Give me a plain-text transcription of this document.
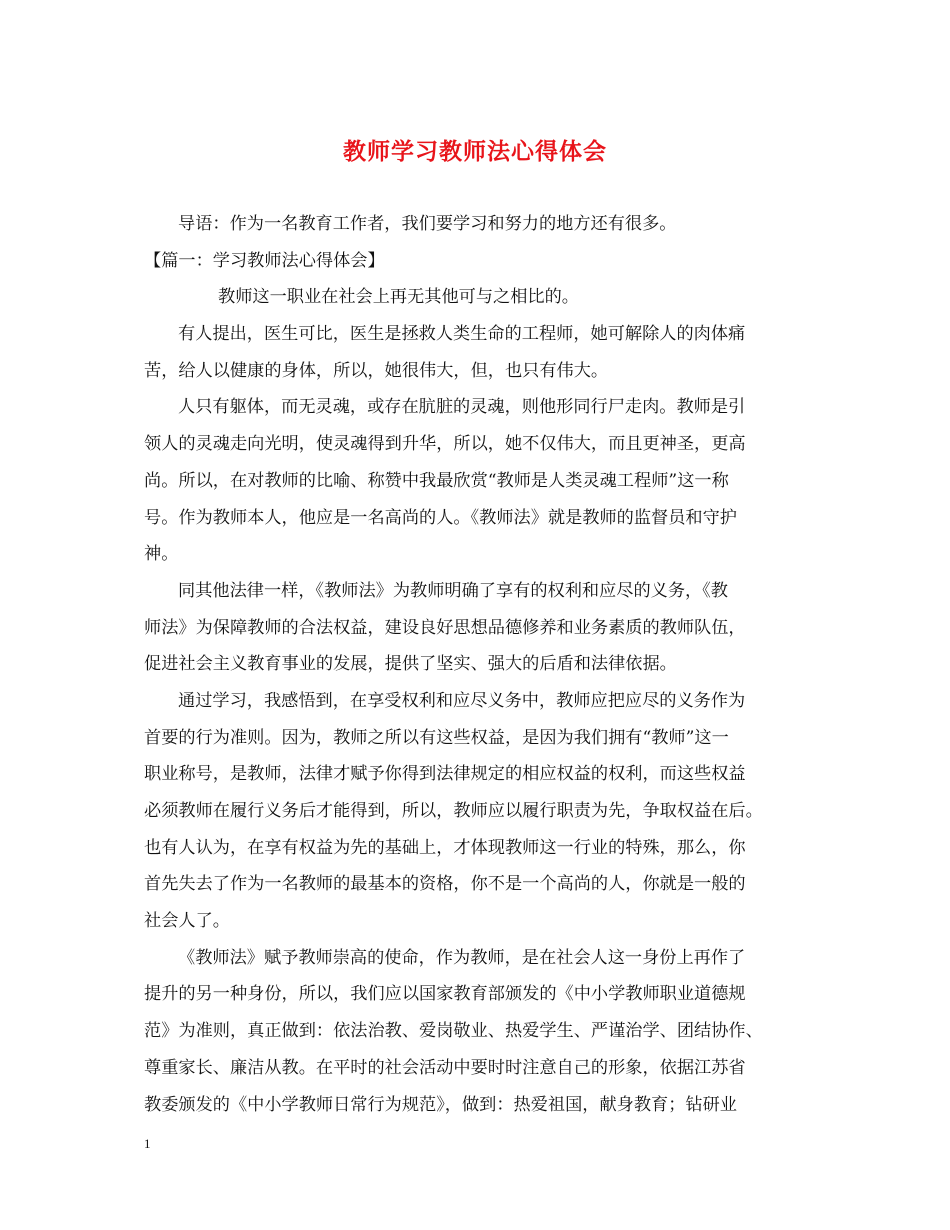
教师学习教师法心得体会
导语：作为一名教育工作者，我们要学习和努力的地方还有很多。
【篇一：学习教师法心得体会】
教师这一职业在社会上再无其他可与之相比的。
有人提出，医生可比，医生是拯救人类生命的工程师，她可解除人的肉体痛
苦，给人以健康的身体，所以，她很伟大，但，也只有伟大。
人只有躯体，而无灵魂，或存在肮脏的灵魂，则他形同行尸走肉。教师是引
领人的灵魂走向光明，使灵魂得到升华，所以，她不仅伟大，而且更神圣，更高
尚。所以，在对教师的比喻、称赞中我最欣赏“教师是人类灵魂工程师”这一称
号。作为教师本人，他应是一名高尚的人。《教师法》就是教师的监督员和守护
神。
同其他法律一样，《教师法》为教师明确了享有的权利和应尽的义务，《教
师法》为保障教师的合法权益，建设良好思想品德修养和业务素质的教师队伍，
促进社会主义教育事业的发展，提供了坚实、强大的后盾和法律依据。
通过学习，我感悟到，在享受权利和应尽义务中，教师应把应尽的义务作为
首要的行为准则。因为，教师之所以有这些权益，是因为我们拥有“教师”这一
职业称号，是教师，法律才赋予你得到法律规定的相应权益的权利，而这些权益
必须教师在履行义务后才能得到，所以，教师应以履行职责为先，争取权益在后。
也有人认为，在享有权益为先的基础上，才体现教师这一行业的特殊，那么，你
首先失去了作为一名教师的最基本的资格，你不是一个高尚的人，你就是一般的
社会人了。
《教师法》赋予教师崇高的使命，作为教师，是在社会人这一身份上再作了
提升的另一种身份，所以，我们应以国家教育部颁发的《中小学教师职业道德规
范》为准则，真正做到：依法治教、爱岗敬业、热爱学生、严谨治学、团结协作、
尊重家长、廉洁从教。在平时的社会活动中要时时注意自己的形象，依据江苏省
教委颁发的《中小学教师日常行为规范》，做到：热爱祖国，献身教育；钻研业
1
